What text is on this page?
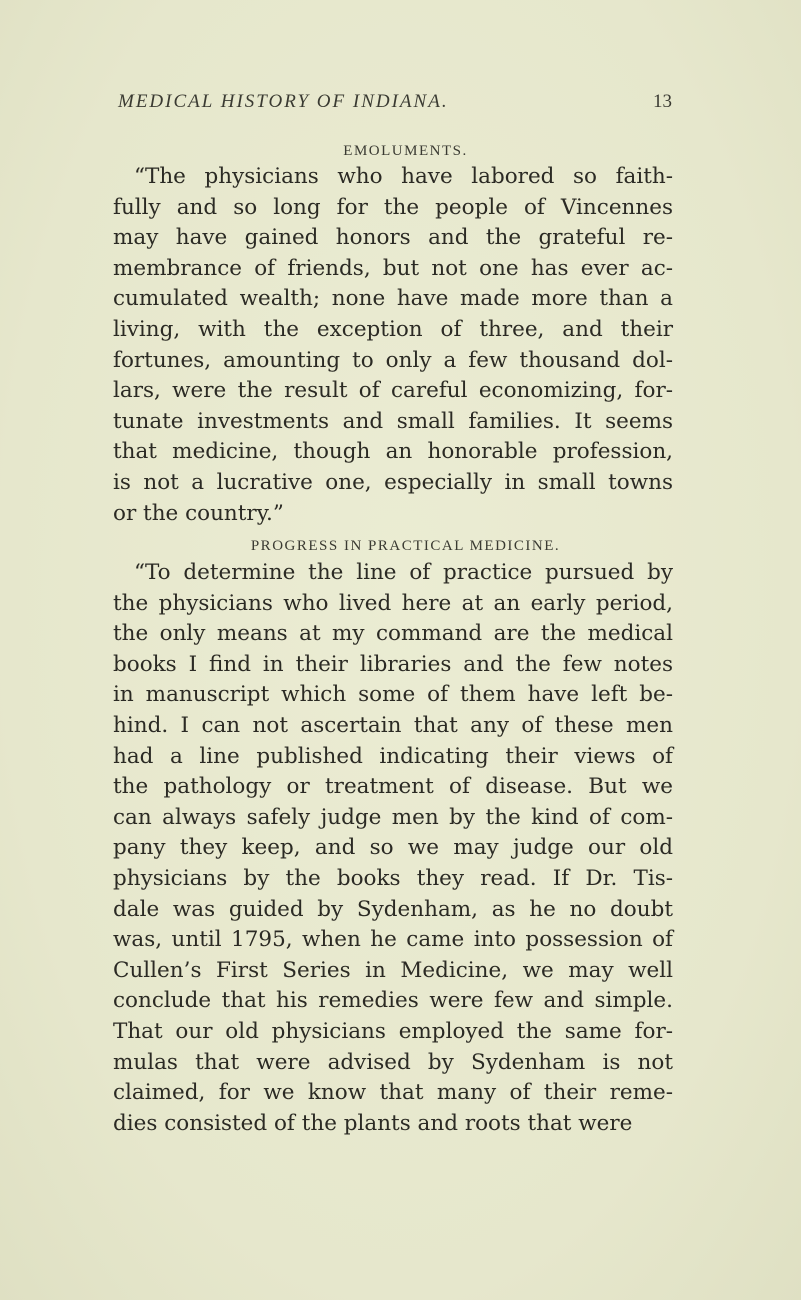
MEDICAL HISTORY OF INDIANA.	13
EMOLUMENTS.

“The physicians who have labored so faith-
fully and so long for the people of Vincennes
may have gained honors and the grateful re-
membrance of friends, but not one has ever ac-
cumulated wealth; none have made more than a
living, with the exception of three, and their
fortunes, amounting to only a few thousand dol-
lars, were the result of careful economizing, for-
tunate investments and small families. It seems
that medicine, though an honorable profession,
is not a lucrative one, especially in small towns
or the country.”

PROGRESS IN PRACTICAL MEDICINE.

“To determine the line of practice pursued by
the physicians who lived here at an early period,
the only means at my command are the medical
books I find in their libraries and the few notes
in manuscript which some of them have left be-
hind. I can not ascertain that any of these men
had a line published indicating their views of
the pathology or treatment of disease. But we
can always safely judge men by the kind of com-
pany they keep, and so we may judge our old
physicians by the books they read. If Dr. Tis-
dale was guided by Sydenham, as he no doubt
was, until 1795, when he came into possession of
Cullen’s First Series in Medicine, we may well
conclude that his remedies were few and simple.
That our old physicians employed the same for-
mulas that were advised by Sydenham is not
claimed, for we know that many of their reme-
dies consisted of the plants and roots that were
